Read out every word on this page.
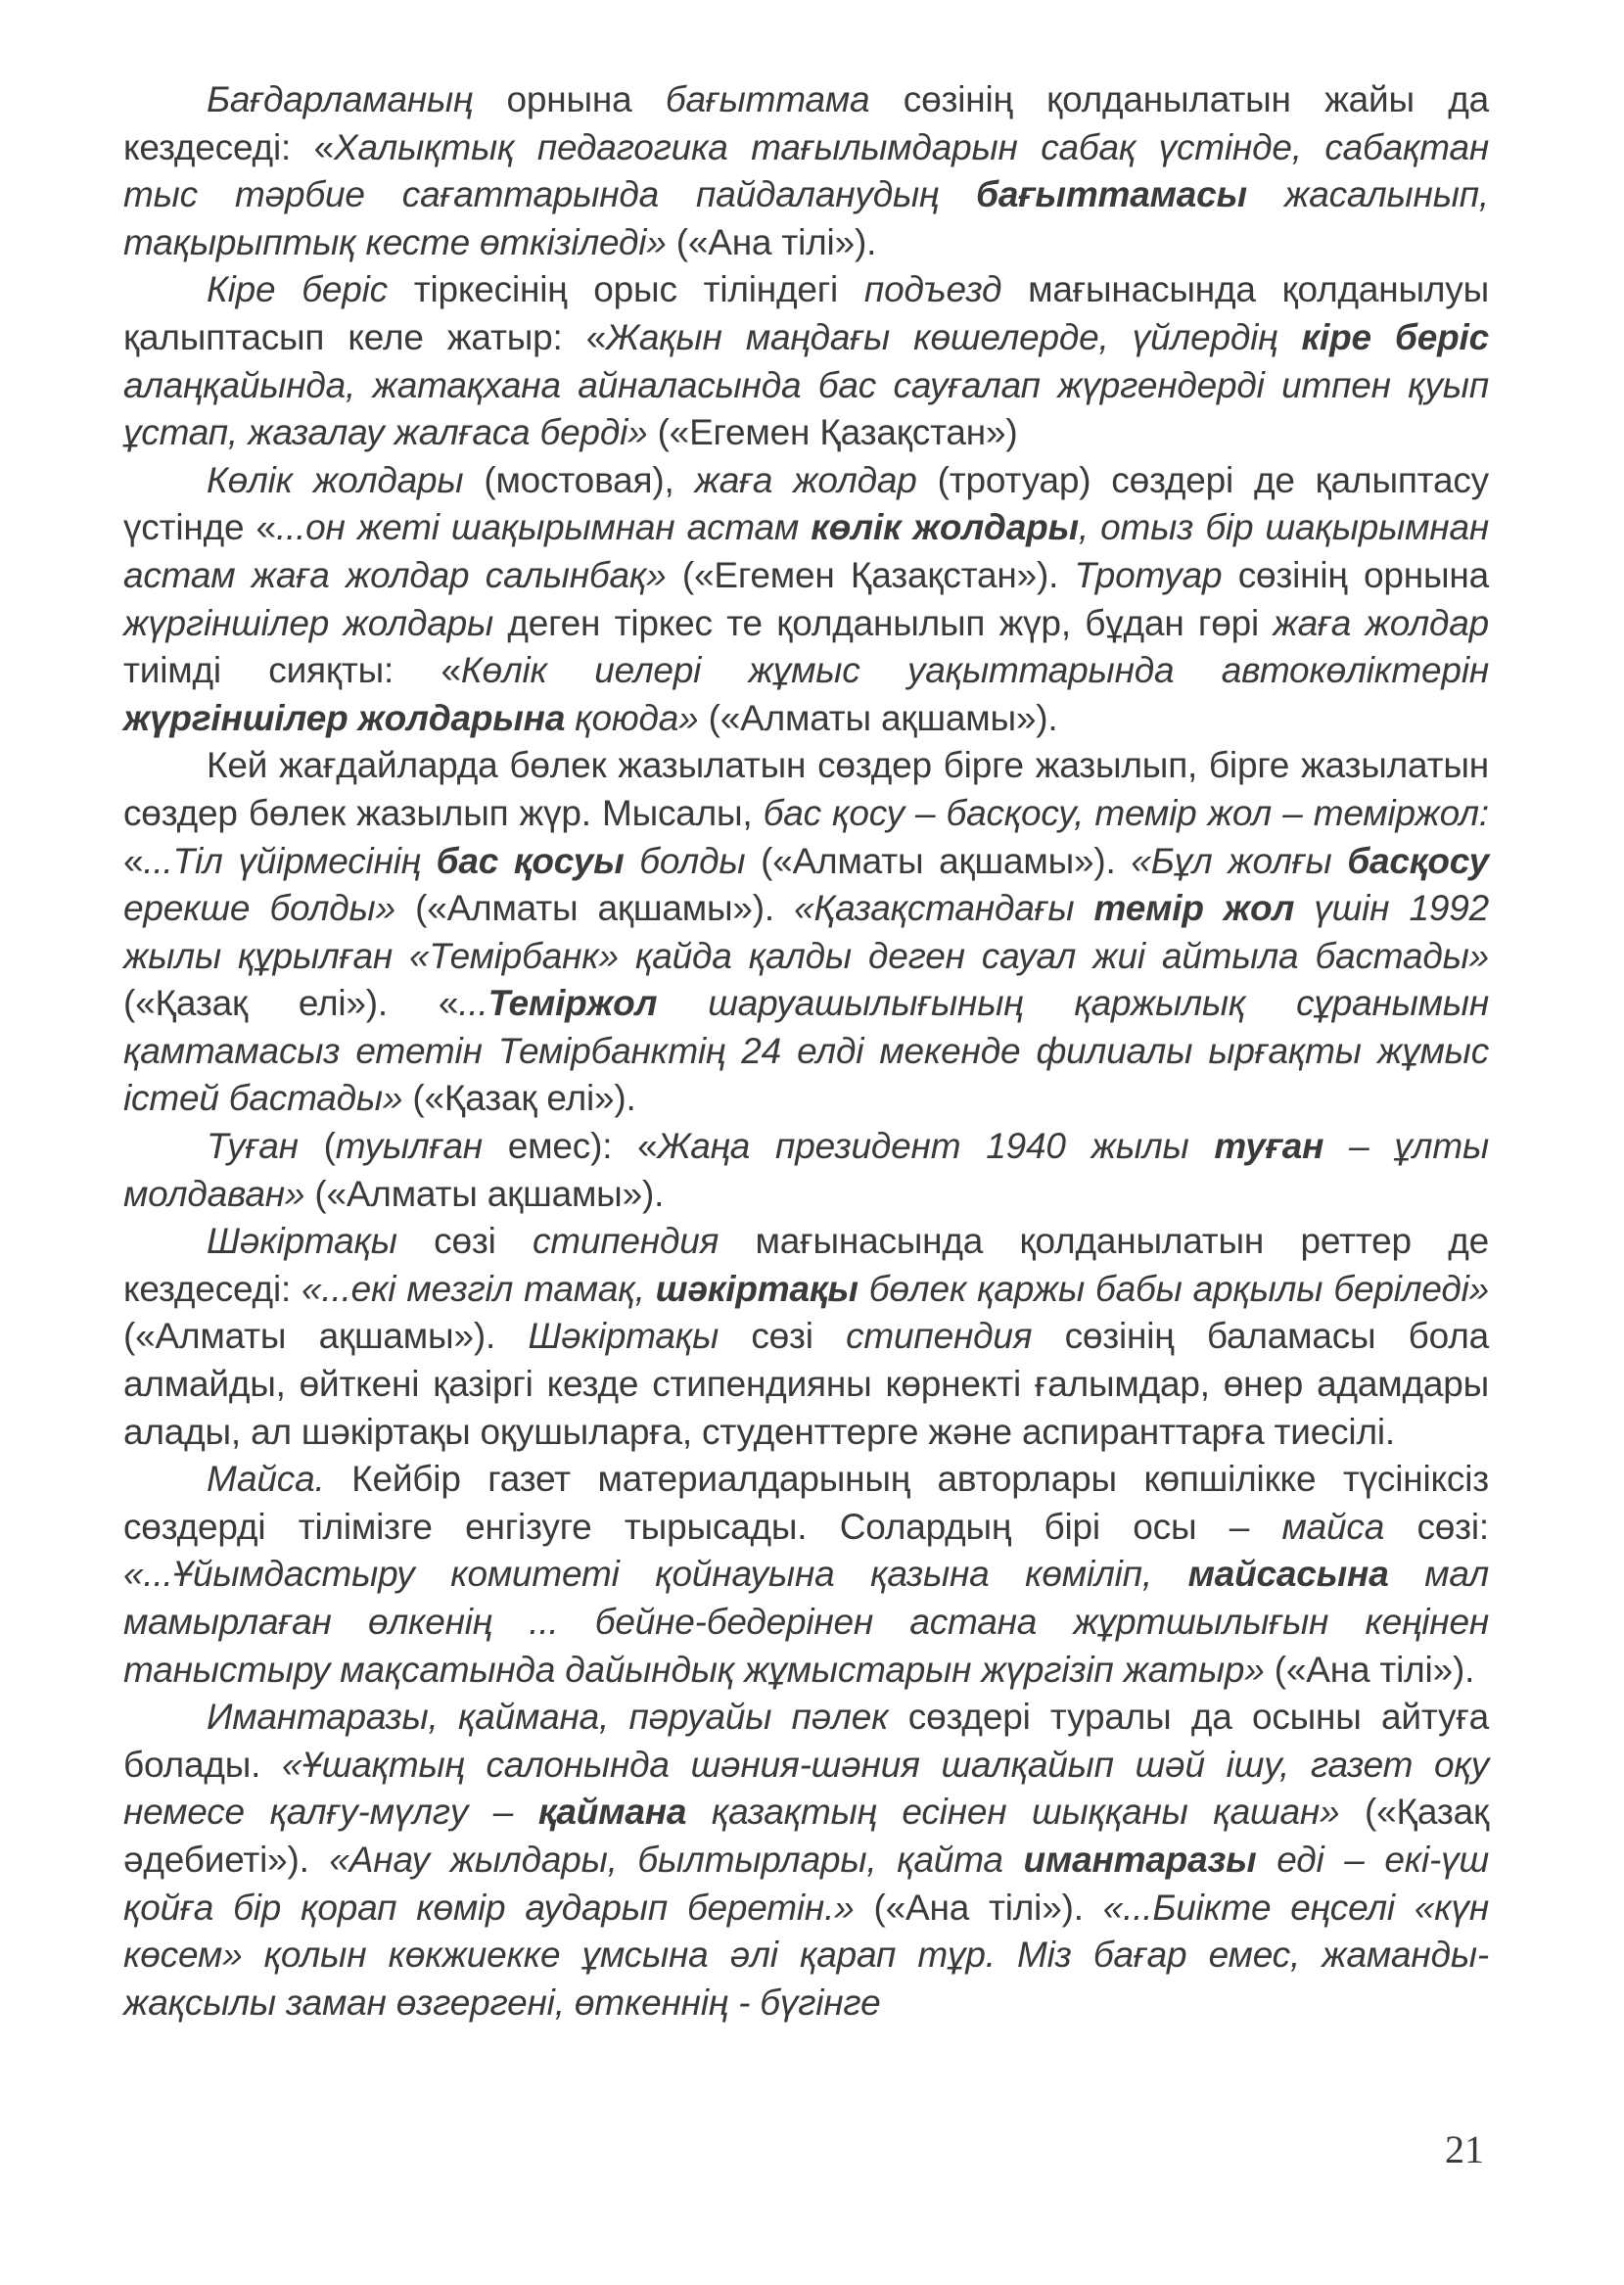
Бағдарламаның орнына бағыттама сөзінің қолданылатын жайы да кездеседі: «Халықтық педагогика тағылымдарын сабақ үстінде, сабақтан тыс тәрбие сағаттарында пайдаланудың бағыттамасы жасалынып, тақырыптық кесте өткізіледі» («Ана тілі»).

Кіре беріс тіркесінің орыс тіліндегі подъезд мағынасында қолданылуы қалыптасып келе жатыр: «Жақын маңдағы көшелерде, үйлердің кіре беріс алаңқайында, жатақхана айналасында бас сауғалап жүргендерді итпен қуып ұстап, жазалау жалғаса берді» («Егемен Қазақстан»)

Көлік жолдары (мостовая), жаға жолдар (тротуар) сөздері де қалыптасу үстінде «...он жеті шақырымнан астам көлік жолдары, отыз бір шақырымнан астам жаға жолдар салынбақ» («Егемен Қазақстан»). Тротуар сөзінің орнына жүргіншілер жолдары деген тіркес те қолданылып жүр, бұдан гөрі жаға жолдар тиімді сияқты: «Көлік иелері жұмыс уақыттарында автокөліктерін жүргіншілер жолдарына қоюда» («Алматы ақшамы»).

Кей жағдайларда бөлек жазылатын сөздер бірге жазылып, бірге жазылатын сөздер бөлек жазылып жүр. Мысалы, бас қосу – басқосу, темір жол – теміржол: «...Тіл үйірмесінің бас қосуы болды («Алматы ақшамы»). «Бұл жолғы басқосу ерекше болды» («Алматы ақшамы»). «Қазақстандағы темір жол үшін 1992 жылы құрылған «Темірбанк» қайда қалды деген сауал жиі айтыла бастады» («Қазақ елі»). «...Теміржол шаруашылығының қаржылық сұранымын қамтамасыз ететін Темірбанктің 24 елді мекенде филиалы ырғақты жұмыс істей бастады» («Қазақ елі»).

Туған (туылған емес): «Жаңа президент 1940 жылы туған – ұлты молдаван» («Алматы ақшамы»).

Шәкіртақы сөзі стипендия мағынасында қолданылатын реттер де кездеседі: «...екі мезгіл тамақ, шәкіртақы бөлек қаржы бабы арқылы беріледі» («Алматы ақшамы»). Шәкіртақы сөзі стипендия сөзінің баламасы бола алмайды, өйткені қазіргі кезде стипендияны көрнекті ғалымдар, өнер адамдары алады, ал шәкіртақы оқушыларға, студенттерге және аспиранттарға тиесілі.

Майса. Кейбір газет материалдарының авторлары көпшілікке түсініксіз сөздерді тілімізге енгізуге тырысады. Солардың бірі осы – майса сөзі: «...Ұйымдастыру комитеті қойнауына қазына көміліп, майсасына мал мамырлаған өлкенің ... бейне-бедерінен астана жұртшылығын кеңінен таныстыру мақсатында дайындық жұмыстарын жүргізіп жатыр» («Ана тілі»).

Имантаразы, қаймана, пәруайы пәлек сөздері туралы да осыны айтуға болады. «Ұшақтың салонында шәния-шәния шалқайып шәй ішу, газет оқу немесе қалғу-мүлгу – қаймана қазақтың есінен шыққаны қашан» («Қазақ әдебиеті»). «Анау жылдары, былтырлары, қайта имантаразы еді – екі-үш қойға бір қорап көмір аударып беретін.» («Ана тілі»). «...Биікте еңселі «күн көсем» қолын көкжиекке ұмсына әлі қарап тұр. Міз бағар емес, жаманды-жақсылы заман өзгергені, өткеннің - бүгінге

21
